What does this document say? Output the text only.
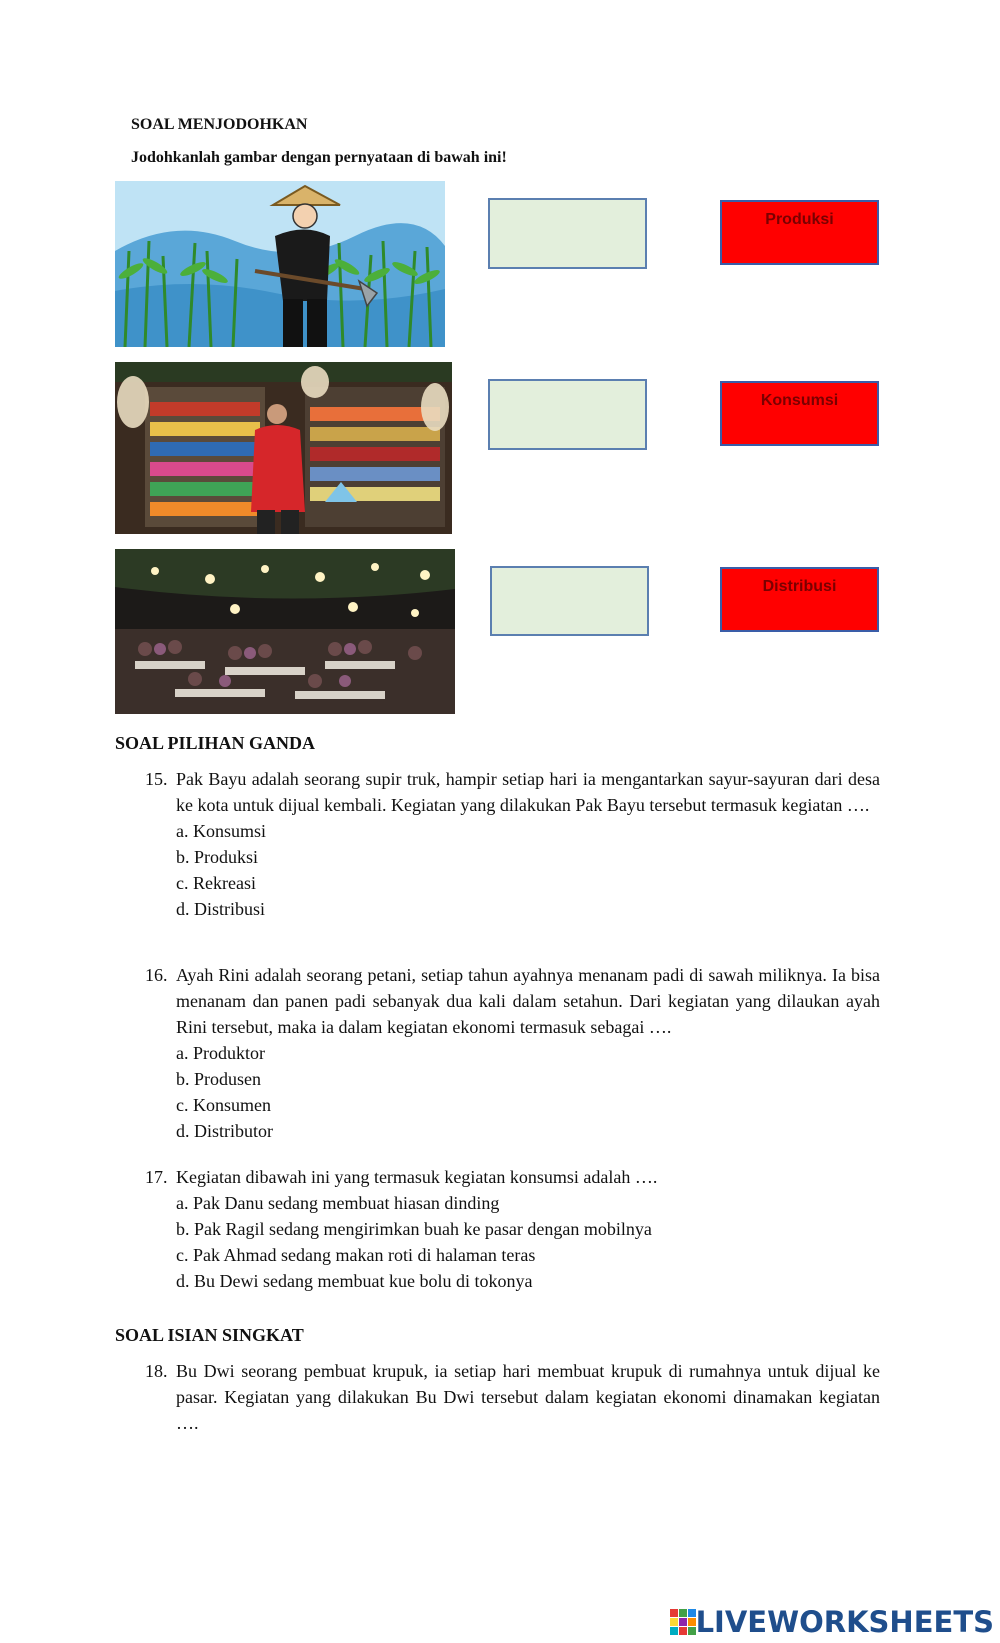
SOAL MENJODOHKAN
Jodohkanlah gambar dengan pernyataan di bawah ini!
Produksi
Konsumsi
Distribusi
SOAL PILIHAN GANDA
15. Pak Bayu adalah seorang supir truk, hampir setiap hari ia mengantarkan sayur-sayuran dari desa ke kota untuk dijual kembali. Kegiatan yang dilakukan Pak Bayu tersebut termasuk kegiatan ….
a. Konsumsi
b. Produksi
c. Rekreasi
d. Distribusi
16. Ayah Rini adalah seorang petani, setiap tahun ayahnya menanam padi di sawah miliknya. Ia bisa menanam dan panen padi sebanyak dua kali dalam setahun. Dari kegiatan yang dilaukan ayah Rini tersebut, maka ia dalam kegiatan ekonomi termasuk sebagai ….
a. Produktor
b. Produsen
c. Konsumen
d. Distributor
17. Kegiatan dibawah ini yang termasuk kegiatan konsumsi adalah ….
a. Pak Danu sedang membuat hiasan dinding
b. Pak Ragil sedang mengirimkan buah ke pasar dengan mobilnya
c. Pak Ahmad sedang makan roti di halaman teras
d. Bu Dewi sedang membuat kue bolu di tokonya
SOAL ISIAN SINGKAT
18. Bu Dwi seorang pembuat krupuk, ia setiap hari membuat krupuk di rumahnya untuk dijual ke pasar. Kegiatan yang dilakukan Bu Dwi tersebut dalam kegiatan ekonomi dinamakan kegiatan ….
LIVEWORKSHEETS
